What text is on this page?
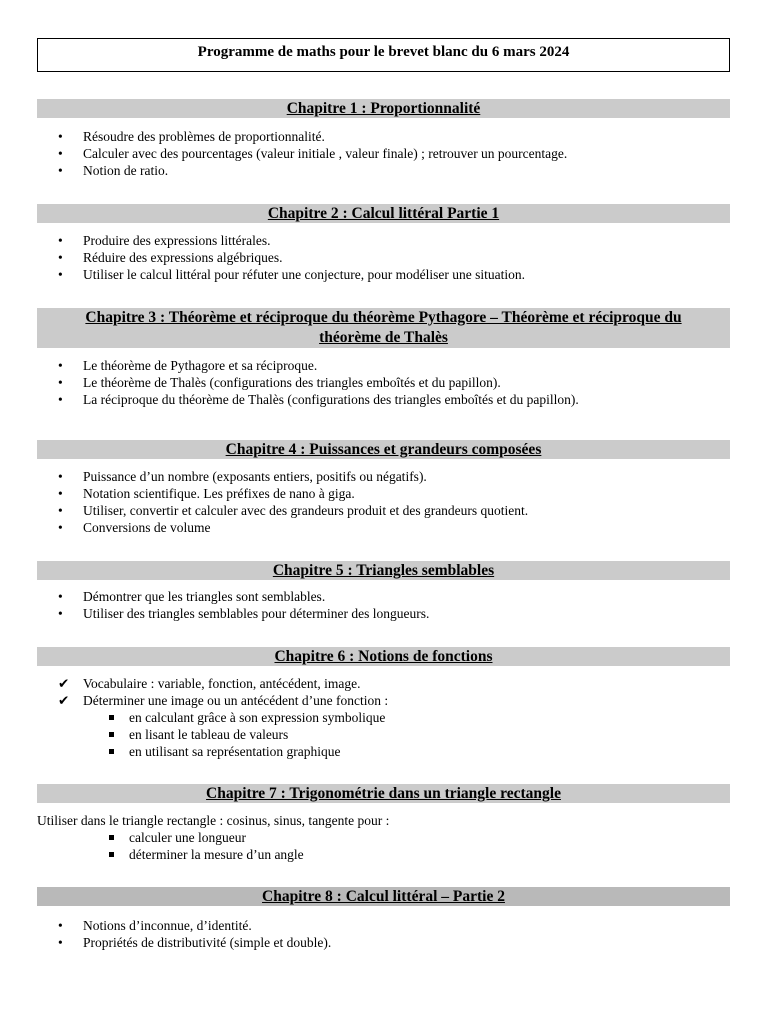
Programme de maths pour le brevet blanc du 6 mars 2024
Chapitre 1 : Proportionnalité
•	Résoudre des problèmes de proportionnalité.
•	Calculer avec des pourcentages (valeur initiale , valeur finale) ; retrouver un pourcentage.
•	Notion de ratio.
Chapitre 2 : Calcul littéral Partie 1
•	Produire des expressions littérales.
•	Réduire des expressions algébriques.
•	Utiliser le calcul littéral pour réfuter une conjecture, pour modéliser une situation.
Chapitre 3 : Théorème et réciproque du théorème Pythagore – Théorème et réciproque du
théorème de Thalès
•	Le théorème de Pythagore et sa réciproque.
•	Le théorème de Thalès (configurations des triangles emboîtés et du papillon).
•	La réciproque du théorème de Thalès (configurations des triangles emboîtés et du papillon).
Chapitre 4 : Puissances et grandeurs composées
•	Puissance d’un nombre (exposants entiers, positifs ou négatifs).
•	Notation scientifique. Les préfixes de nano à giga.
•	Utiliser, convertir et calculer avec des grandeurs produit et des grandeurs quotient.
•	Conversions de volume
Chapitre 5 : Triangles semblables
•	Démontrer que les triangles sont semblables.
•	Utiliser des triangles semblables pour déterminer des longueurs.
Chapitre 6 : Notions de fonctions
✔ Vocabulaire : variable, fonction, antécédent, image.
✔ Déterminer une image ou un antécédent d’une fonction :
en calculant grâce à son expression symbolique
en lisant le tableau de valeurs
en utilisant sa représentation graphique
Chapitre 7 : Trigonométrie dans un triangle rectangle
Utiliser dans le triangle rectangle : cosinus, sinus, tangente pour :
calculer une longueur
déterminer la mesure d’un angle
Chapitre 8 : Calcul littéral – Partie 2
•	Notions d’inconnue, d’identité.
•	Propriétés de distributivité (simple et double).
